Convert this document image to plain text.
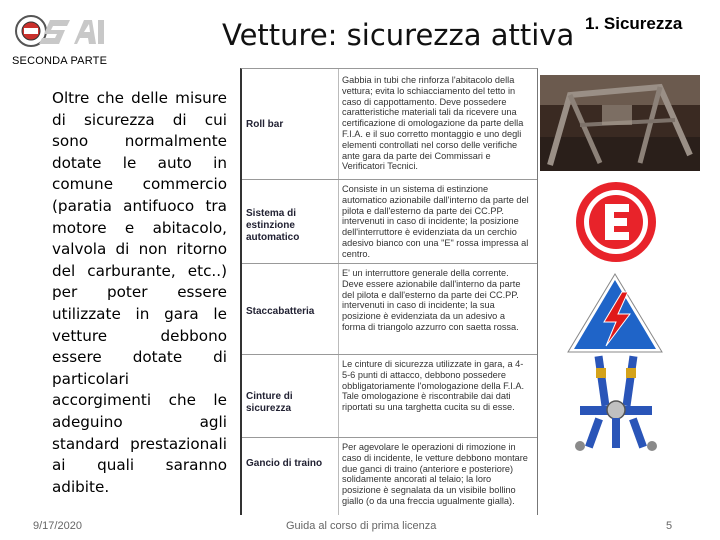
Vetture: sicurezza attiva 1. Sicurezza
SECONDA PARTE
Oltre che delle misure di sicurezza di cui sono normalmente dotate le auto in comune commercio (paratia antifuoco tra motore e abitacolo, valvola di non ritorno del carburante, etc..) per poter essere utilizzate in gara le vetture debbono essere dotate di particolari accorgimenti che le adeguino agli standard prestazionali ai quali saranno adibite.
Roll bar
Gabbia in tubi che rinforza l'abitacolo della vettura; evita lo schiacciamento del tetto in caso di cappottamento. Deve possedere caratteristiche materiali tali da ricevere una certificazione di omologazione da parte della F.I.A. e il suo corretto montaggio e uno degli elementi controllati nel corso delle verifiche ante gara da parte dei Commissari e Verificatori Tecnici.
Sistema di estinzione automatico
Consiste in un sistema di estinzione automatico azionabile dall'interno da parte del pilota e dall'esterno da parte dei CC.PP. intervenuti in caso di incidente; la posizione dell'interruttore è evidenziata da un cerchio adesivo bianco con una "E" rossa impressa al centro.
Staccabatteria
E' un interruttore generale della corrente. Deve essere azionabile dall'interno da parte del pilota e dall'esterno da parte dei CC.PP. intervenuti in caso di incidente; la sua posizione è evidenziata da un adesivo a forma di triangolo azzurro con saetta rossa.
Cinture di sicurezza
Le cinture di sicurezza utilizzate in gara, a 4-5-6 punti di attacco, debbono possedere obbligatoriamente l'omologazione della F.I.A. Tale omologazione è riscontrabile dai dati riportati su una targhetta cucita su di esse.
Gancio di traino
Per agevolare le operazioni di rimozione in caso di incidente, le vetture debbono montare due ganci di traino (anteriore e posteriore) solidamente ancorati al telaio; la loro posizione è segnalata da un visibile bollino giallo (o da una freccia ugualmente gialla).
9/17/2020	Guida al corso di prima licenza	5
